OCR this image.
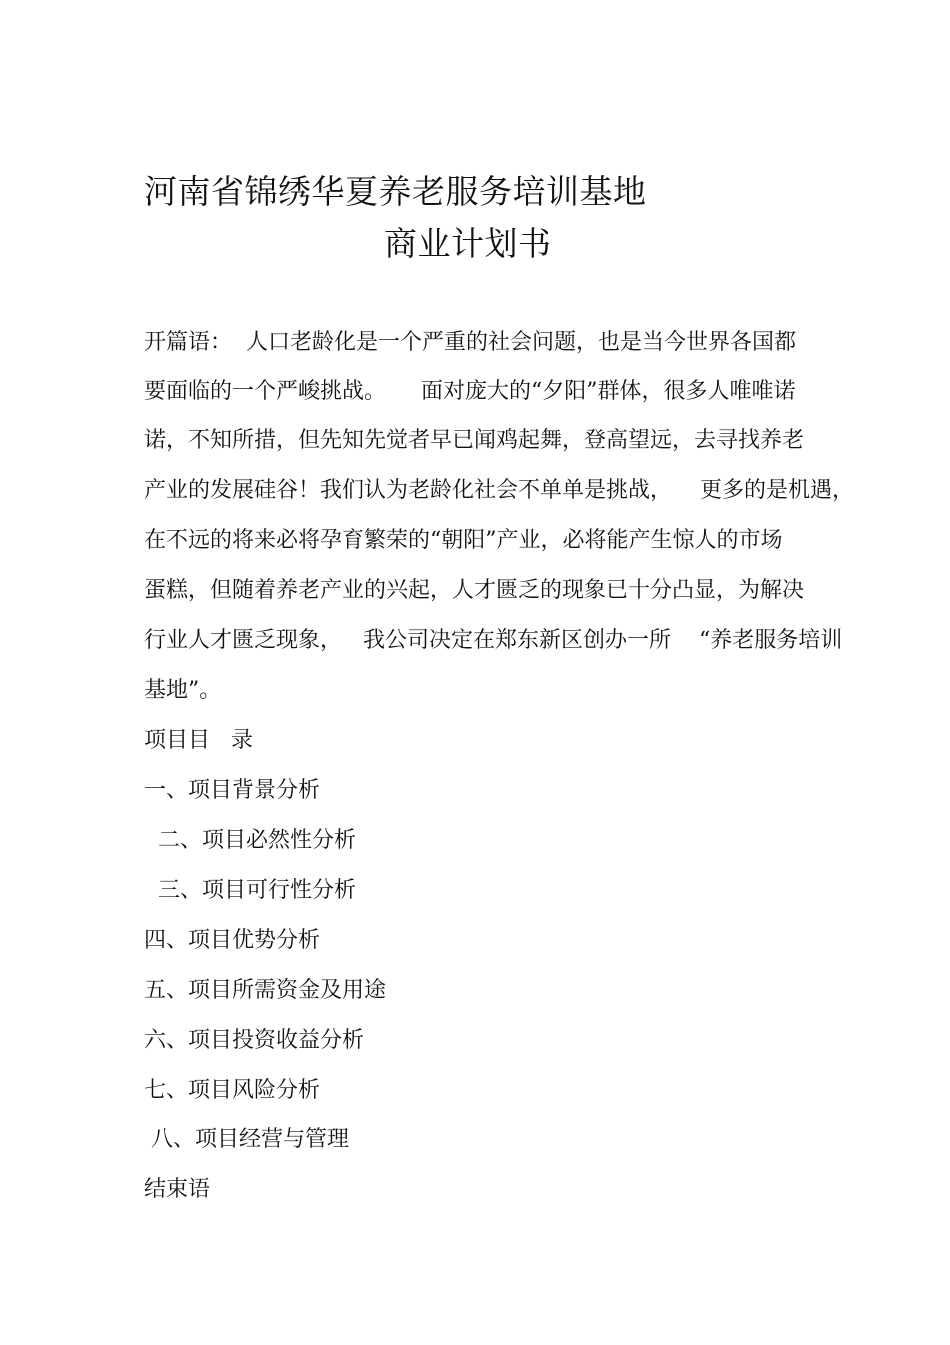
河南省锦绣华夏养老服务培训基地
商业计划书
开篇语：  人口老龄化是一个严重的社会问题，也是当今世界各国都
要面临的一个严峻挑战。     面对庞大的“夕阳”群体，很多人唯唯诺
诺，不知所措，但先知先觉者早已闻鸡起舞，登高望远，去寻找养老
产业的发展硅谷！我们认为老龄化社会不单单是挑战，    更多的是机遇，
在不远的将来必将孕育繁荣的“朝阳”产业，必将能产生惊人的市场
蛋糕，但随着养老产业的兴起，人才匮乏的现象已十分凸显，为解决
行业人才匮乏现象，   我公司决定在郑东新区创办一所    “养老服务培训
基地”。
项目目   录
一、项目背景分析
二、项目必然性分析
三、项目可行性分析
四、项目优势分析
五、项目所需资金及用途
六、项目投资收益分析
七、项目风险分析
八、项目经营与管理
结束语
